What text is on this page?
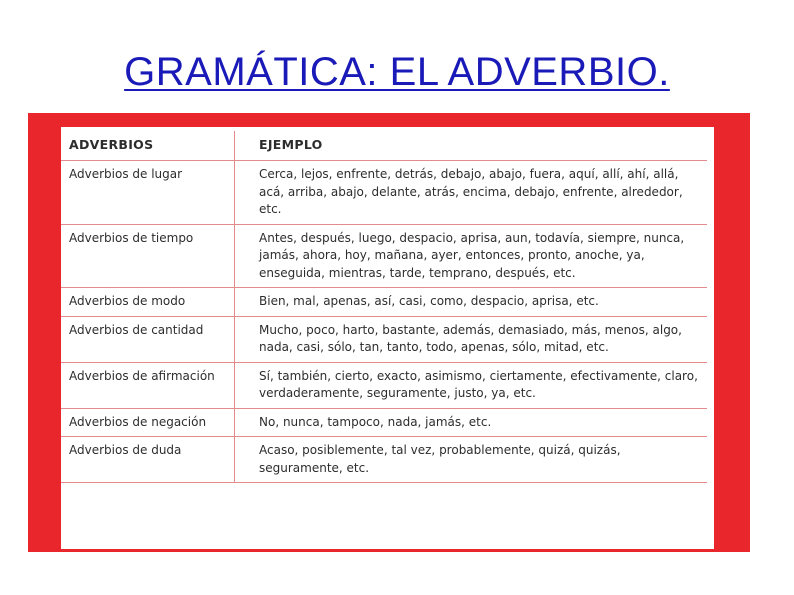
GRAMÁTICA: EL ADVERBIO.
ADVERBIOS	EJEMPLO
Adverbios de lugar	Cerca, lejos, enfrente, detrás, debajo, abajo, fuera, aquí, allí, ahí, allá, acá, arriba, abajo, delante, atrás, encima, debajo, enfrente, alrededor, etc.
Adverbios de tiempo	Antes, después, luego, despacio, aprisa, aun, todavía, siempre, nunca, jamás, ahora, hoy, mañana, ayer, entonces, pronto, anoche, ya, enseguida, mientras, tarde, temprano, después, etc.
Adverbios de modo	Bien, mal, apenas, así, casi, como, despacio, aprisa, etc.
Adverbios de cantidad	Mucho, poco, harto, bastante, además, demasiado, más, menos, algo, nada, casi, sólo, tan, tanto, todo, apenas, sólo, mitad, etc.
Adverbios de afirmación	Sí, también, cierto, exacto, asimismo, ciertamente, efectivamente, claro, verdaderamente, seguramente, justo, ya, etc.
Adverbios de negación	No, nunca, tampoco, nada, jamás, etc.
Adverbios de duda	Acaso, posiblemente, tal vez, probablemente, quizá, quizás, seguramente, etc.
